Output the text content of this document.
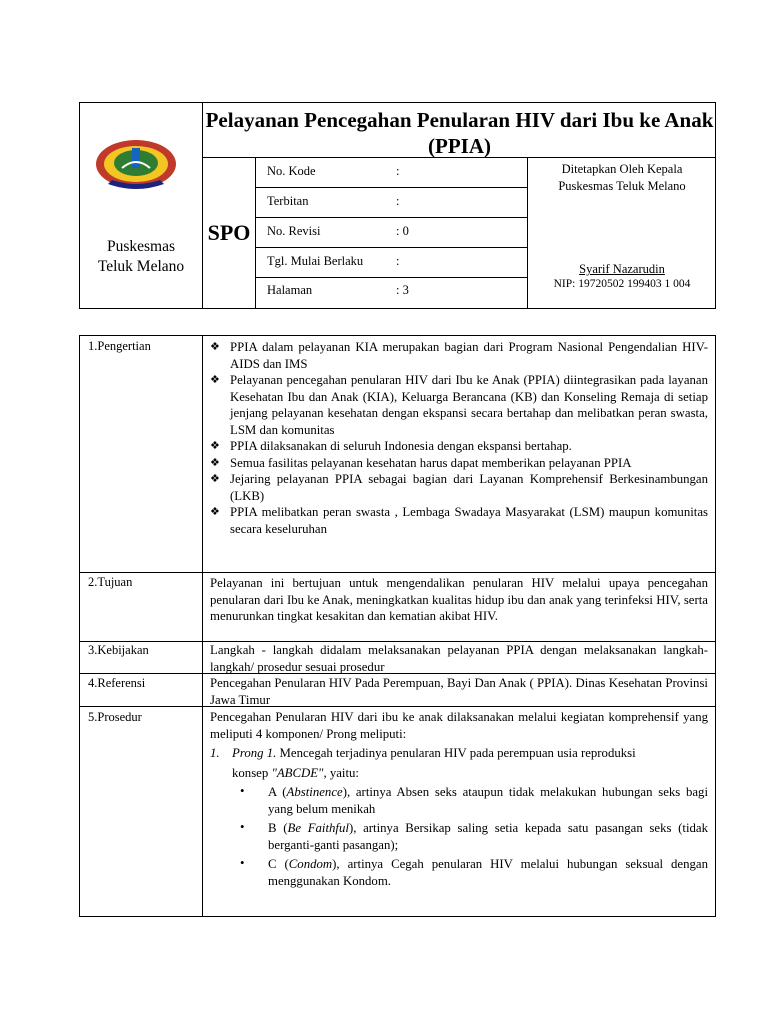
Puskesmas
Teluk Melano
Pelayanan Pencegahan Penularan HIV dari Ibu ke Anak (PPIA)
SPO
No. Kode	:
Terbitan	:
No. Revisi	: 0
Tgl. Mulai Berlaku	:
Halaman	: 3
Ditetapkan Oleh Kepala
Puskesmas Teluk Melano
Syarif Nazarudin
NIP: 19720502 199403 1 004
1.Pengertian	❖ PPIA dalam pelayanan KIA merupakan bagian dari Program Nasional Pengendalian HIV-AIDS dan IMS

❖ Pelayanan pencegahan penularan HIV dari Ibu ke Anak (PPIA) diintegrasikan pada layanan Kesehatan Ibu dan Anak (KIA), Keluarga Berancana (KB) dan Konseling Remaja di setiap jenjang pelayanan kesehatan dengan ekspansi secara bertahap dan melibatkan peran swasta, LSM dan komunitas

❖ PPIA dilaksanakan di seluruh Indonesia dengan ekspansi bertahap.

❖ Semua fasilitas pelayanan kesehatan harus dapat memberikan pelayanan PPIA

❖ Jejaring pelayanan PPIA sebagai bagian dari Layanan Komprehensif Berkesinambungan (LKB)

❖ PPIA melibatkan peran swasta , Lembaga Swadaya Masyarakat (LSM) maupun komunitas secara keseluruhan

2.Tujuan	Pelayanan ini bertujuan untuk mengendalikan penularan HIV melalui upaya pencegahan penularan dari Ibu ke Anak, meningkatkan kualitas hidup ibu dan anak yang terinfeksi HIV, serta menurunkan tingkat kesakitan dan kematian akibat HIV.
3.Kebijakan	Langkah - langkah didalam melaksanakan pelayanan PPIA dengan melaksanakan langkah- langkah/ prosedur sesuai prosedur
4.Referensi	Pencegahan Penularan HIV Pada Perempuan, Bayi Dan Anak ( PPIA). Dinas Kesehatan Provinsi Jawa Timur
5.Prosedur	Pencegahan Penularan HIV dari ibu ke anak dilaksanakan melalui kegiatan komprehensif yang meliputi 4 komponen/ Prong meliputi:
1. Prong 1. Mencegah terjadinya penularan HIV pada perempuan usia reproduksi
konsep "ABCDE", yaitu:
• A (Abstinence), artinya Absen seks ataupun tidak melakukan hubungan seks bagi yang belum menikah
• B (Be Faithful), artinya Bersikap saling setia kepada satu pasangan seks (tidak berganti-ganti pasangan);
• C (Condom), artinya Cegah penularan HIV melalui hubungan seksual dengan menggunakan Kondom.
